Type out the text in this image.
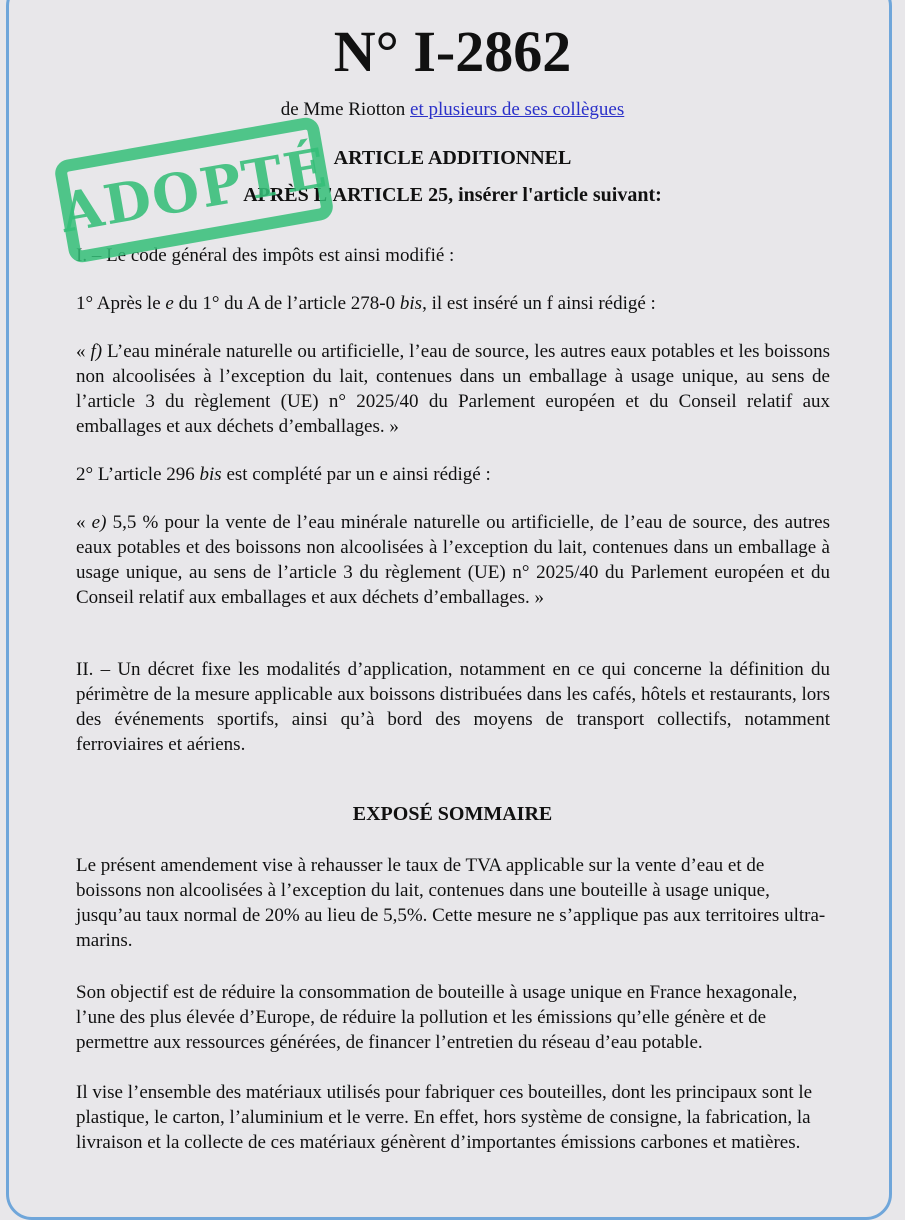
N° I-2862
de Mme Riotton et plusieurs de ses collègues
ARTICLE ADDITIONNEL
APRÈS L'ARTICLE 25, insérer l'article suivant:

I. – Le code général des impôts est ainsi modifié :

1° Après le e du 1° du A de l’article 278-0 bis, il est inséré un f ainsi rédigé :

« f) L’eau minérale naturelle ou artificielle, l’eau de source, les autres eaux potables et les boissons non alcoolisées à l’exception du lait, contenues dans un emballage à usage unique, au sens de l’article 3 du règlement (UE) n° 2025/40 du Parlement européen et du Conseil relatif aux emballages et aux déchets d’emballages. »

2° L’article 296 bis est complété par un e ainsi rédigé :

« e) 5,5 % pour la vente de l’eau minérale naturelle ou artificielle, de l’eau de source, des autres eaux potables et des boissons non alcoolisées à l’exception du lait, contenues dans un emballage à usage unique, au sens de l’article 3 du règlement (UE) n° 2025/40 du Parlement européen et du Conseil relatif aux emballages et aux déchets d’emballages. »

II. – Un décret fixe les modalités d’application, notamment en ce qui concerne la définition du périmètre de la mesure applicable aux boissons distribuées dans les cafés, hôtels et restaurants, lors des événements sportifs, ainsi qu’à bord des moyens de transport collectifs, notamment ferroviaires et aériens.

EXPOSÉ SOMMAIRE

Le présent amendement vise à rehausser le taux de TVA applicable sur la vente d’eau et de boissons non alcoolisées à l’exception du lait, contenues dans une bouteille à usage unique, jusqu’au taux normal de 20% au lieu de 5,5%. Cette mesure ne s’applique pas aux territoires ultra-marins.

Son objectif est de réduire la consommation de bouteille à usage unique en France hexagonale, l’une des plus élevée d’Europe, de réduire la pollution et les émissions qu’elle génère et de permettre aux ressources générées, de financer l’entretien du réseau d’eau potable.

Il vise l’ensemble des matériaux utilisés pour fabriquer ces bouteilles, dont les principaux sont le plastique, le carton, l’aluminium et le verre. En effet, hors système de consigne, la fabrication, la livraison et la collecte de ces matériaux génèrent d’importantes émissions carbones et matières.

ADOPTÉ
